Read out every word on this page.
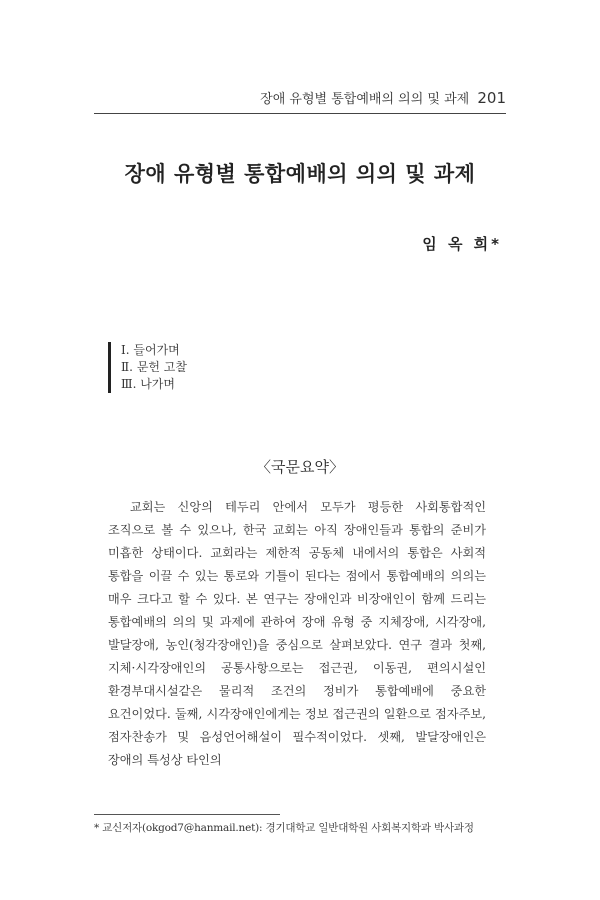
장애 유형별 통합예배의 의의 및 과제 201
장애 유형별 통합예배의 의의 및 과제
임 옥 희*
Ⅰ. 들어가며
Ⅱ. 문헌 고찰
Ⅲ. 나가며
〈국문요약〉
교회는 신앙의 테두리 안에서 모두가 평등한 사회통합적인 조직으로 볼 수 있으나, 한국 교회는 아직 장애인들과 통합의 준비가 미흡한 상태이다. 교회라는 제한적 공동체 내에서의 통합은 사회적 통합을 이끌 수 있는 통로와 기틀이 된다는 점에서 통합예배의 의의는 매우 크다고 할 수 있다. 본 연구는 장애인과 비장애인이 함께 드리는 통합예배의 의의 및 과제에 관하여 장애 유형 중 지체장애, 시각장애, 발달장애, 농인(청각장애인)을 중심으로 살펴보았다. 연구 결과 첫째, 지체·시각장애인의 공통사항으로는 접근권, 이동권, 편의시설인 환경부대시설같은 물리적 조건의 정비가 통합예배에 중요한 요건이었다. 둘째, 시각장애인에게는 정보 접근권의 일환으로 점자주보, 점자찬송가 및 음성언어해설이 필수적이었다. 셋째, 발달장애인은 장애의 특성상 타인의
* 교신저자(okgod7@hanmail.net): 경기대학교 일반대학원 사회복지학과 박사과정
